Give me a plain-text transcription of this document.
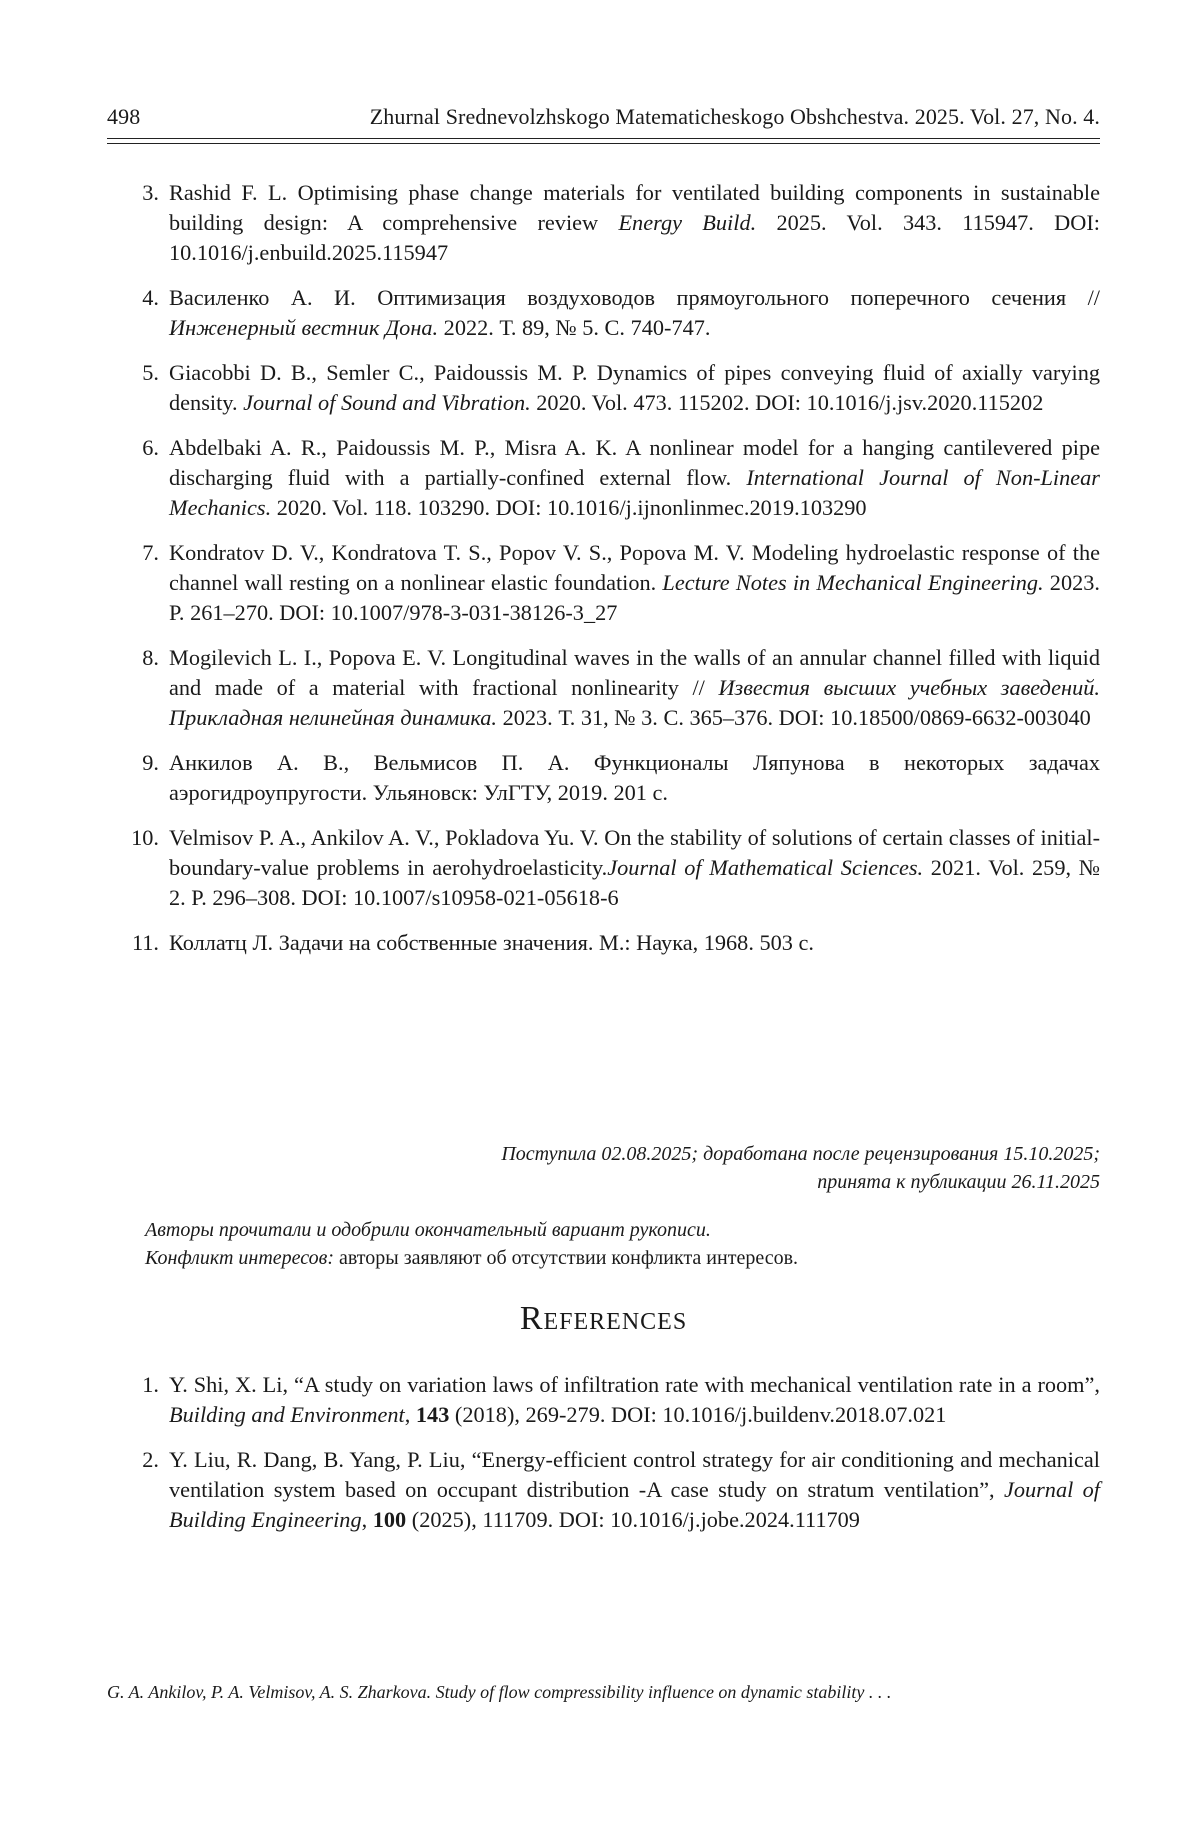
498	Zhurnal Srednevolzhskogo Matematicheskogo Obshchestva. 2025. Vol. 27, No. 4.
3. Rashid F. L. Optimising phase change materials for ventilated building components in sustainable building design: A comprehensive review Energy Build. 2025. Vol. 343. 115947. DOI: 10.1016/j.enbuild.2025.115947
4. Василенко А. И. Оптимизация воздуховодов прямоугольного поперечного сечения // Инженерный вестник Дона. 2022. Т. 89, № 5. С. 740-747.
5. Giacobbi D. B., Semler C., Paidoussis M. P. Dynamics of pipes conveying fluid of axially varying density. Journal of Sound and Vibration. 2020. Vol. 473. 115202. DOI: 10.1016/j.jsv.2020.115202
6. Abdelbaki A. R., Paidoussis M. P., Misra A. K. A nonlinear model for a hanging cantilevered pipe discharging fluid with a partially-confined external flow. International Journal of Non-Linear Mechanics. 2020. Vol. 118. 103290. DOI: 10.1016/j.ijnonlinmec.2019.103290
7. Kondratov D. V., Kondratova T. S., Popov V. S., Popova M. V. Modeling hydroelastic response of the channel wall resting on a nonlinear elastic foundation. Lecture Notes in Mechanical Engineering. 2023. P. 261–270. DOI: 10.1007/978-3-031-38126-3_27
8. Mogilevich L. I., Popova E. V. Longitudinal waves in the walls of an annular channel filled with liquid and made of a material with fractional nonlinearity // Известия высших учебных заведений. Прикладная нелинейная динамика. 2023. Т. 31, № 3. С. 365–376. DOI: 10.18500/0869-6632-003040
9. Анкилов А. В., Вельмисов П. А. Функционалы Ляпунова в некоторых задачах аэрогидроупругости. Ульяновск: УлГТУ, 2019. 201 с.
10. Velmisov P. A., Ankilov A. V., Pokladova Yu. V. On the stability of solutions of certain classes of initial-boundary-value problems in aerohydroelasticity.Journal of Mathematical Sciences. 2021. Vol. 259, № 2. P. 296–308. DOI: 10.1007/s10958-021-05618-6
11. Коллатц Л. Задачи на собственные значения. М.: Наука, 1968. 503 с.
Поступила 02.08.2025; доработана после рецензирования 15.10.2025;
принята к публикации 26.11.2025
Авторы прочитали и одобрили окончательный вариант рукописи.
Конфликт интересов: авторы заявляют об отсутствии конфликта интересов.
References
1. Y. Shi, X. Li, “A study on variation laws of infiltration rate with mechanical ventilation rate in a room”, Building and Environment, 143 (2018), 269-279. DOI: 10.1016/j.buildenv.2018.07.021
2. Y. Liu, R. Dang, B. Yang, P. Liu, “Energy-efficient control strategy for air conditioning and mechanical ventilation system based on occupant distribution -A case study on stratum ventilation”, Journal of Building Engineering, 100 (2025), 111709. DOI: 10.1016/j.jobe.2024.111709
G. A. Ankilov, P. A. Velmisov, A. S. Zharkova. Study of flow compressibility influence on dynamic stability . . .
